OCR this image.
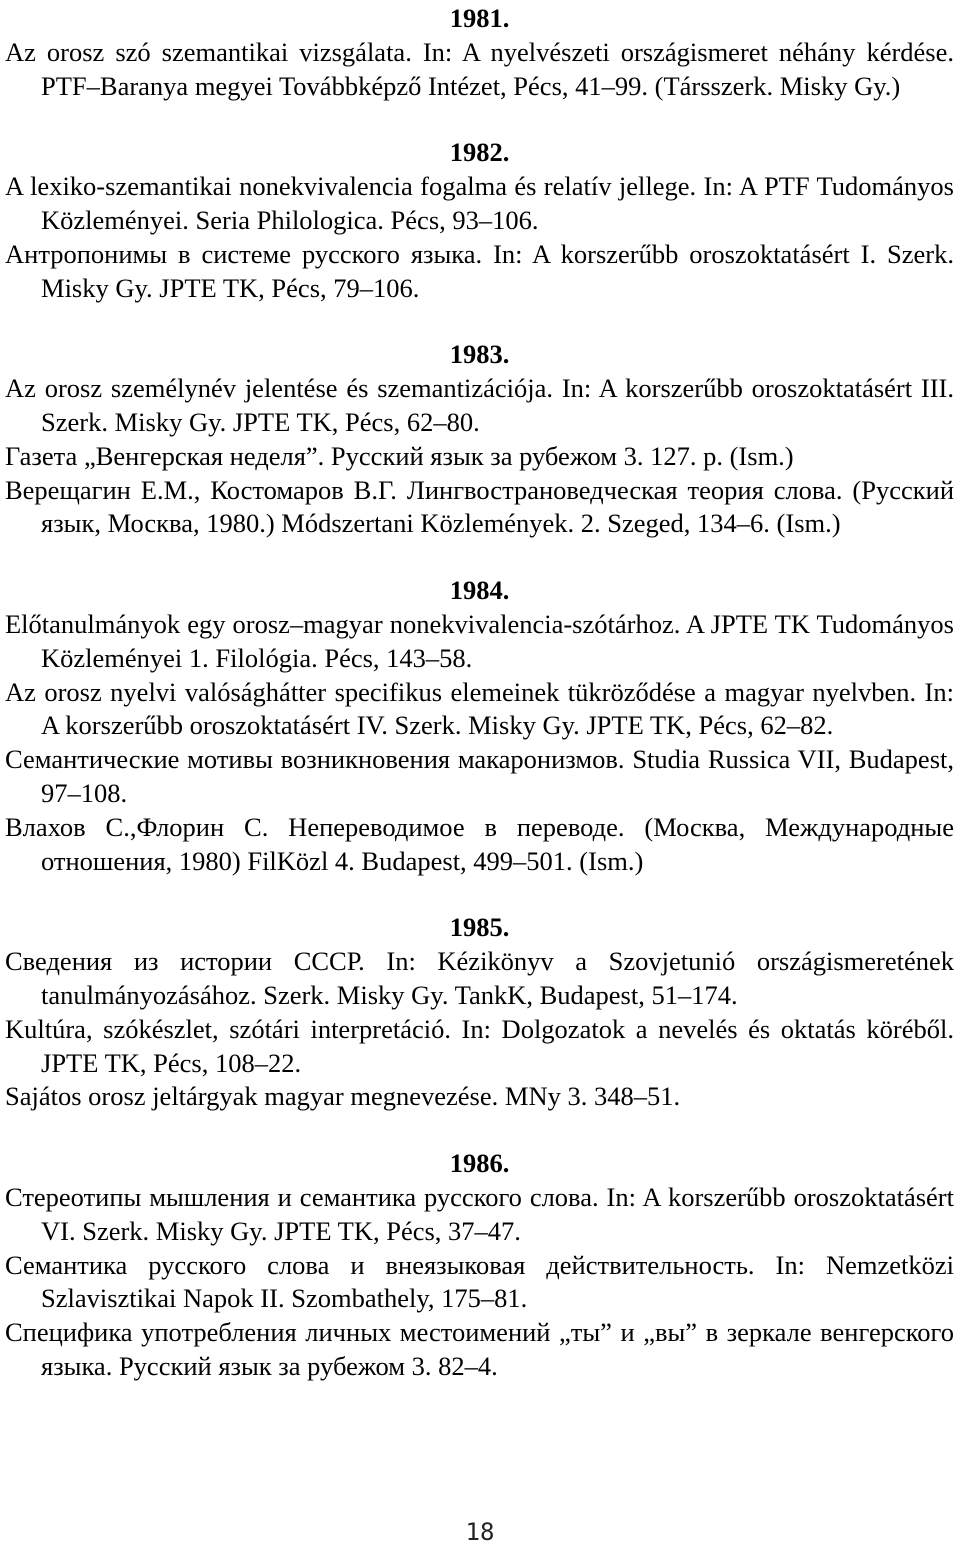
1981.

Az orosz szó szemantikai vizsgálata. In: A nyelvészeti országismeret néhány kérdése. PTF–Baranya megyei Továbbképző Intézet, Pécs, 41–99. (Társszerk. Misky Gy.)

1982.

A lexiko-szemantikai nonekvivalencia fogalma és relatív jellege. In: A PTF Tudományos Közleményei. Seria Philologica. Pécs, 93–106.

Антропонимы в системе русского языка. In: A korszerűbb oroszoktatásért I. Szerk. Misky Gy. JPTE TK, Pécs, 79–106.

1983.

Az orosz személynév jelentése és szemantizációja. In: A korszerűbb oroszoktatásért III. Szerk. Misky Gy. JPTE TK, Pécs, 62–80.

Газета „Венгерская неделя”. Русский язык за рубежом 3. 127. p. (Ism.)

Верещагин Е.М., Костомаров В.Г. Лингвострановедческая теория слова. (Русский язык, Москва, 1980.) Módszertani Közlemények. 2. Szeged, 134–6. (Ism.)

1984.

Előtanulmányok egy orosz–magyar nonekvivalencia-szótárhoz. A JPTE TK Tudományos Közleményei 1. Filológia. Pécs, 143–58.

Az orosz nyelvi valósághátter specifikus elemeinek tükröződése a magyar nyelvben. In: A korszerűbb oroszoktatásért IV. Szerk. Misky Gy. JPTE TK, Pécs, 62–82.

Семантические мотивы возникновения макаронизмов. Studia Russica VII, Budapest, 97–108.

Влахов С.,Флорин С. Непереводимое в переводе. (Москва, Международные отношения, 1980) FilKözl 4. Budapest, 499–501. (Ism.)

1985.

Сведения из истории СССР. In: Kézikönyv a Szovjetunió országismeretének tanulmányozásához. Szerk. Misky Gy. TankK, Budapest, 51–174.

Kultúra, szókészlet, szótári interpretáció. In: Dolgozatok a nevelés és oktatás köréből. JPTE TK, Pécs, 108–22.

Sajátos orosz jeltárgyak magyar megnevezése. MNy 3. 348–51.

1986.

Стереотипы мышления и семантика русского слова. In: A korszerűbb oroszoktatásért VI. Szerk. Misky Gy. JPTE TK, Pécs, 37–47.

Семантика русского слова и внеязыковая действительность. In: Nemzetközi Szlavisztikai Napok II. Szombathely, 175–81.

Специфика употребления личных местоимений „ты” и „вы” в зеркале венгерского языка. Русский язык за рубежом 3. 82–4.

18
